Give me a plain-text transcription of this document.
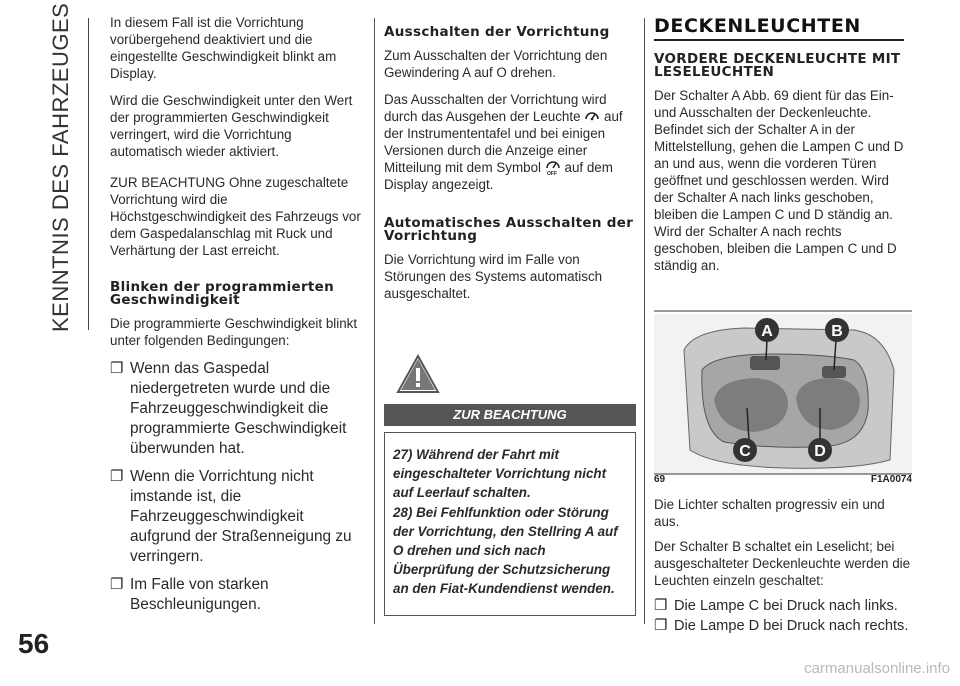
KENNTNIS DES FAHRZEUGES
56

In diesem Fall ist die Vorrichtung vorübergehend deaktiviert und die eingestellte Geschwindigkeit blinkt am Display.

Wird die Geschwindigkeit unter den Wert der programmierten Geschwindigkeit verringert, wird die Vorrichtung automatisch wieder aktiviert.

ZUR BEACHTUNG Ohne zugeschaltete Vorrichtung wird die Höchstgeschwindigkeit des Fahrzeugs vor dem Gaspedalanschlag mit Ruck und Verhärtung der Last erreicht.

Blinken der programmierten Geschwindigkeit

Die programmierte Geschwindigkeit blinkt unter folgenden Bedingungen:

❐ Wenn das Gaspedal niedergetreten wurde und die Fahrzeuggeschwindigkeit die programmierte Geschwindigkeit überwunden hat.
❐ Wenn die Vorrichtung nicht imstande ist, die Fahrzeuggeschwindigkeit aufgrund der Straßenneigung zu verringern.
❐ Im Falle von starken Beschleunigungen.
Ausschalten der Vorrichtung

Zum Ausschalten der Vorrichtung den Gewindering A auf O drehen.

Das Ausschalten der Vorrichtung wird durch das Ausgehen der Leuchte auf der Instrumententafel und bei einigen Versionen durch die Anzeige einer Mitteilung mit dem Symbol OFF auf dem Display angezeigt.

Automatisches Ausschalten der Vorrichtung

Die Vorrichtung wird im Falle von Störungen des Systems automatisch ausgeschaltet.

ZUR BEACHTUNG
27) Während der Fahrt mit eingeschalteter Vorrichtung nicht auf Leerlauf schalten.
28) Bei Fehlfunktion oder Störung der Vorrichtung, den Stellring A auf O drehen und sich nach Überprüfung der Schutzsicherung an den Fiat-Kundendienst wenden.
DECKENLEUCHTEN
VORDERE DECKENLEUCHTE MIT LESELEUCHTEN

Der Schalter A Abb. 69 dient für das Ein- und Ausschalten der Deckenleuchte. Befindet sich der Schalter A in der Mittelstellung, gehen die Lampen C und D an und aus, wenn die vorderen Türen geöffnet und geschlossen werden. Wird der Schalter A nach links geschoben, bleiben die Lampen C und D ständig an. Wird der Schalter A nach rechts geschoben, bleiben die Lampen C und D ständig an.

A	B
C	D
69	F1A0074

Die Lichter schalten progressiv ein und aus.

Der Schalter B schaltet ein Leselicht; bei ausgeschalteter Deckenleuchte werden die Leuchten einzeln geschaltet:

❐ Die Lampe C bei Druck nach links.
❐ Die Lampe D bei Druck nach rechts.
carmanualsonline.info
